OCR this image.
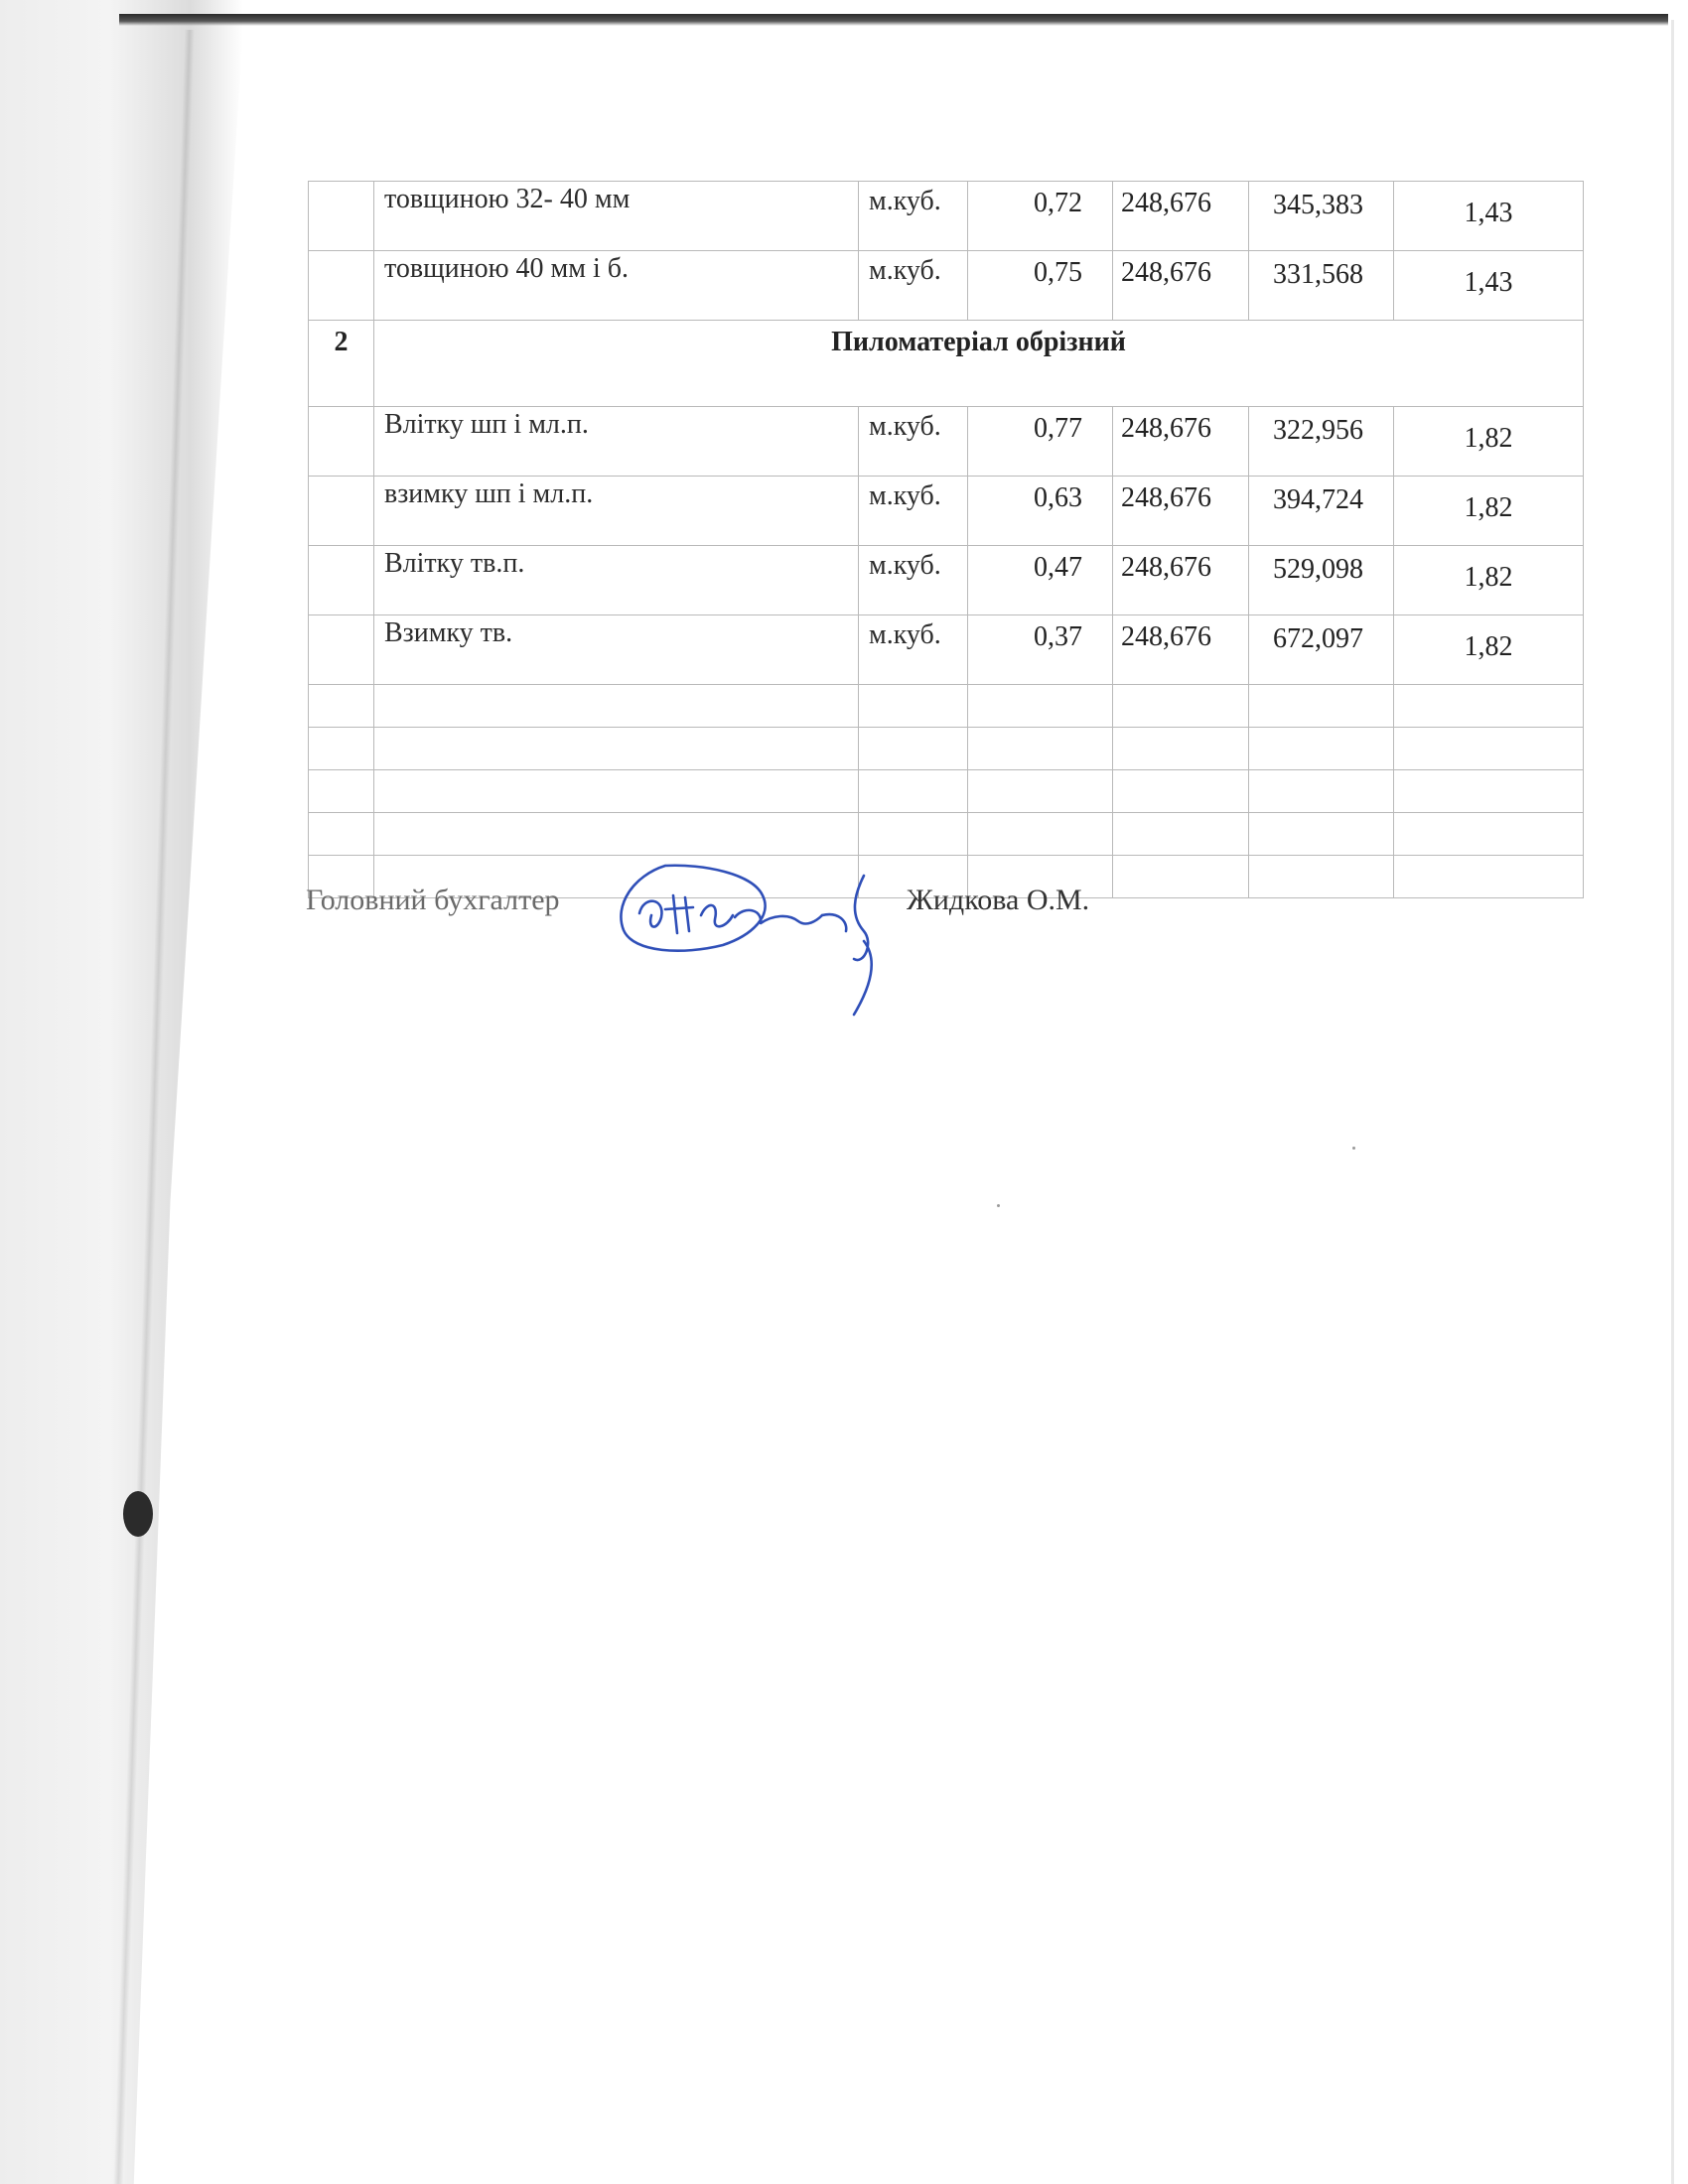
	товщиною 32- 40 мм	м.куб.	0,72	248,676	345,383	1,43
	товщиною 40 мм і б.	м.куб.	0,75	248,676	331,568	1,43
2	Пиломатеріал обрізний					
	Влітку шп і мл.п.	м.куб.	0,77	248,676	322,956	1,82
	взимку шп і мл.п.	м.куб.	0,63	248,676	394,724	1,82
	Влітку тв.п.	м.куб.	0,47	248,676	529,098	1,82
	Взимку тв.	м.куб.	0,37	248,676	672,097	1,82

Головний бухгалтер	Жидкова О.М.
